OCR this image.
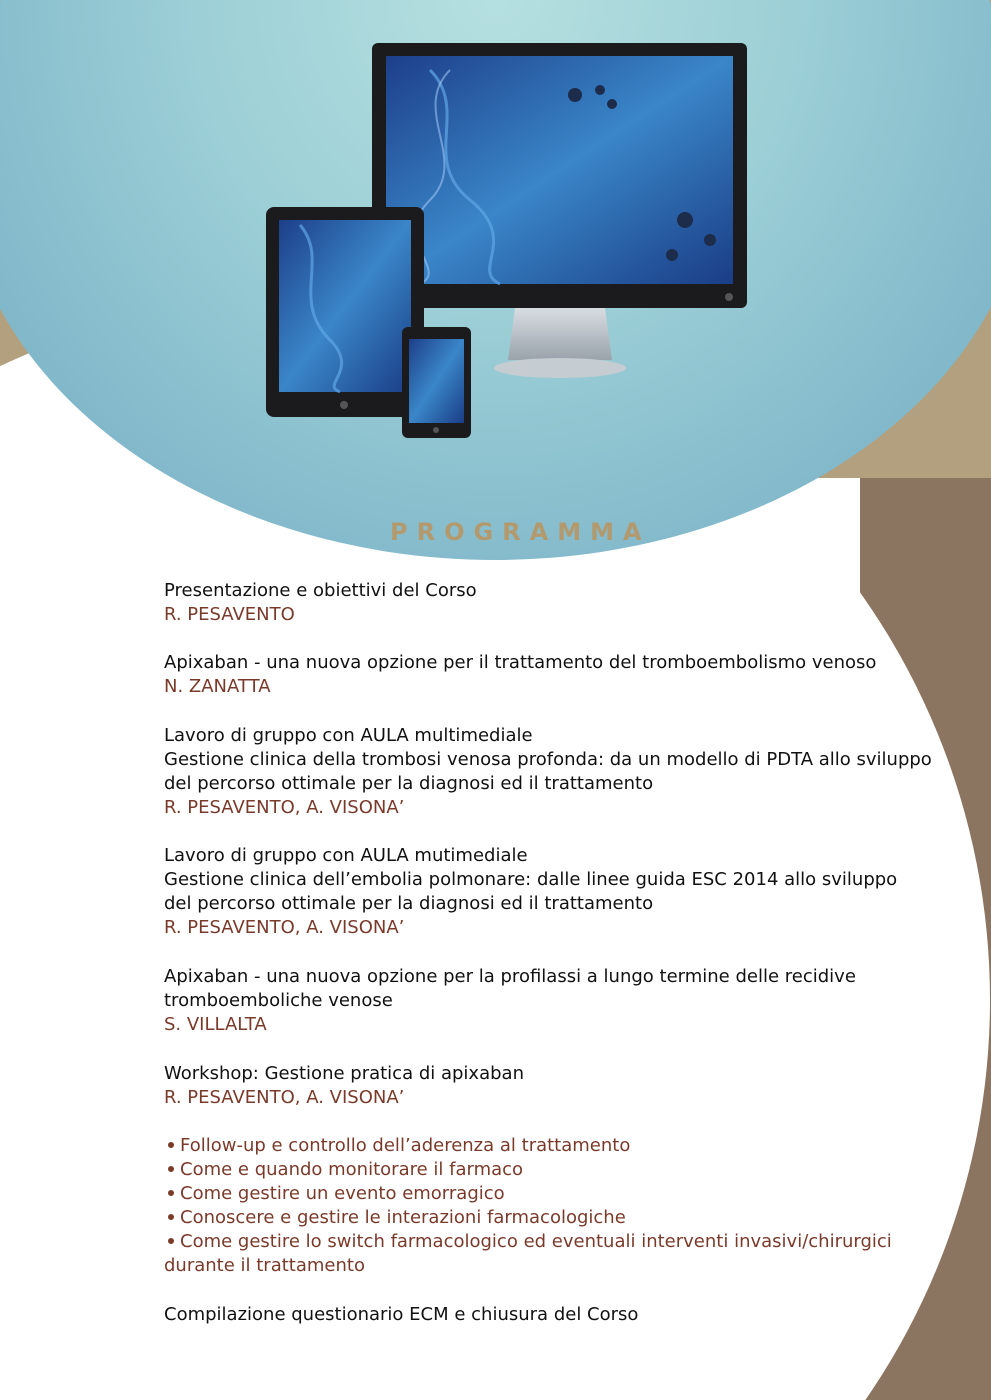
PROGRAMMA
14.00	Presentazione e obiettivi del Corso
R. PESAVENTO
14.15	Apixaban - una nuova opzione per il trattamento del tromboembolismo venoso
N. ZANATTA
14.45	Lavoro di gruppo con AULA multimediale
Gestione clinica della trombosi venosa profonda: da un modello di PDTA allo sviluppo
del percorso ottimale per la diagnosi ed il trattamento
R. PESAVENTO, A. VISONA’
15.45	Lavoro di gruppo con AULA mutimediale
Gestione clinica dell’embolia polmonare: dalle linee guida ESC 2014 allo sviluppo
del percorso ottimale per la diagnosi ed il trattamento
R. PESAVENTO, A. VISONA’
16.45	Apixaban - una nuova opzione per la profilassi a lungo termine delle recidive
tromboemboliche venose
S. VILLALTA
17.00	Workshop: Gestione pratica di apixaban
R. PESAVENTO, A. VISONA’
Follow-up e controllo dell’aderenza al trattamento
Come e quando monitorare il farmaco
Come gestire un evento emorragico
Conoscere e gestire le interazioni farmacologiche
Come gestire lo switch farmacologico ed eventuali interventi invasivi/chirurgici
durante il trattamento
19.30	Compilazione questionario ECM e chiusura del Corso
